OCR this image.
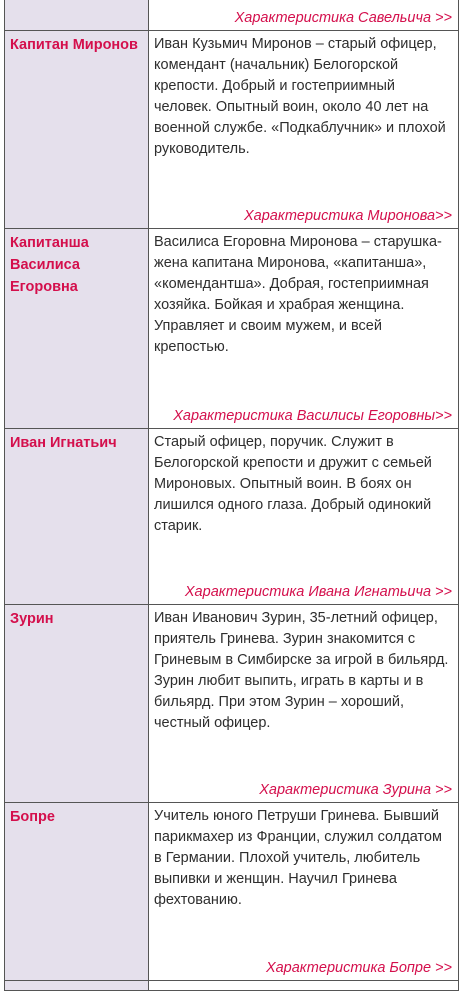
	Характеристика Савельича >>

Капитан Миронов	Иван Кузьмич Миронов – старый офицер, комендант (начальник) Белогорской крепости. Добрый и гостеприимный человек. Опытный воин, около 40 лет на военной службе. «Подкаблучник» и плохой руководитель.
Характеристика Миронова>>

Капитанша Василиса Егоровна	Василиса Егоровна Миронова – старушка-жена капитана Миронова, «капитанша», «комендантша». Добрая, гостеприимная хозяйка. Бойкая и храбрая женщина. Управляет и своим мужем, и всей крепостью.
Характеристика Василисы Егоровны>>

Иван Игнатьич	Старый офицер, поручик. Служит в Белогорской крепости и дружит с семьей Мироновых. Опытный воин. В боях он лишился одного глаза. Добрый одинокий старик.
Характеристика Ивана Игнатьича >>

Зурин	Иван Иванович Зурин, 35-летний офицер, приятель Гринева. Зурин знакомится с Гриневым в Симбирске за игрой в бильярд. Зурин любит выпить, играть в карты и в бильярд. При этом Зурин – хороший, честный офицер.
Характеристика Зурина >>

Бопре	Учитель юного Петруши Гринева. Бывший парикмахер из Франции, служил солдатом в Германии. Плохой учитель, любитель выпивки и женщин. Научил Гринева фехтованию.
Характеристика Бопре >>
